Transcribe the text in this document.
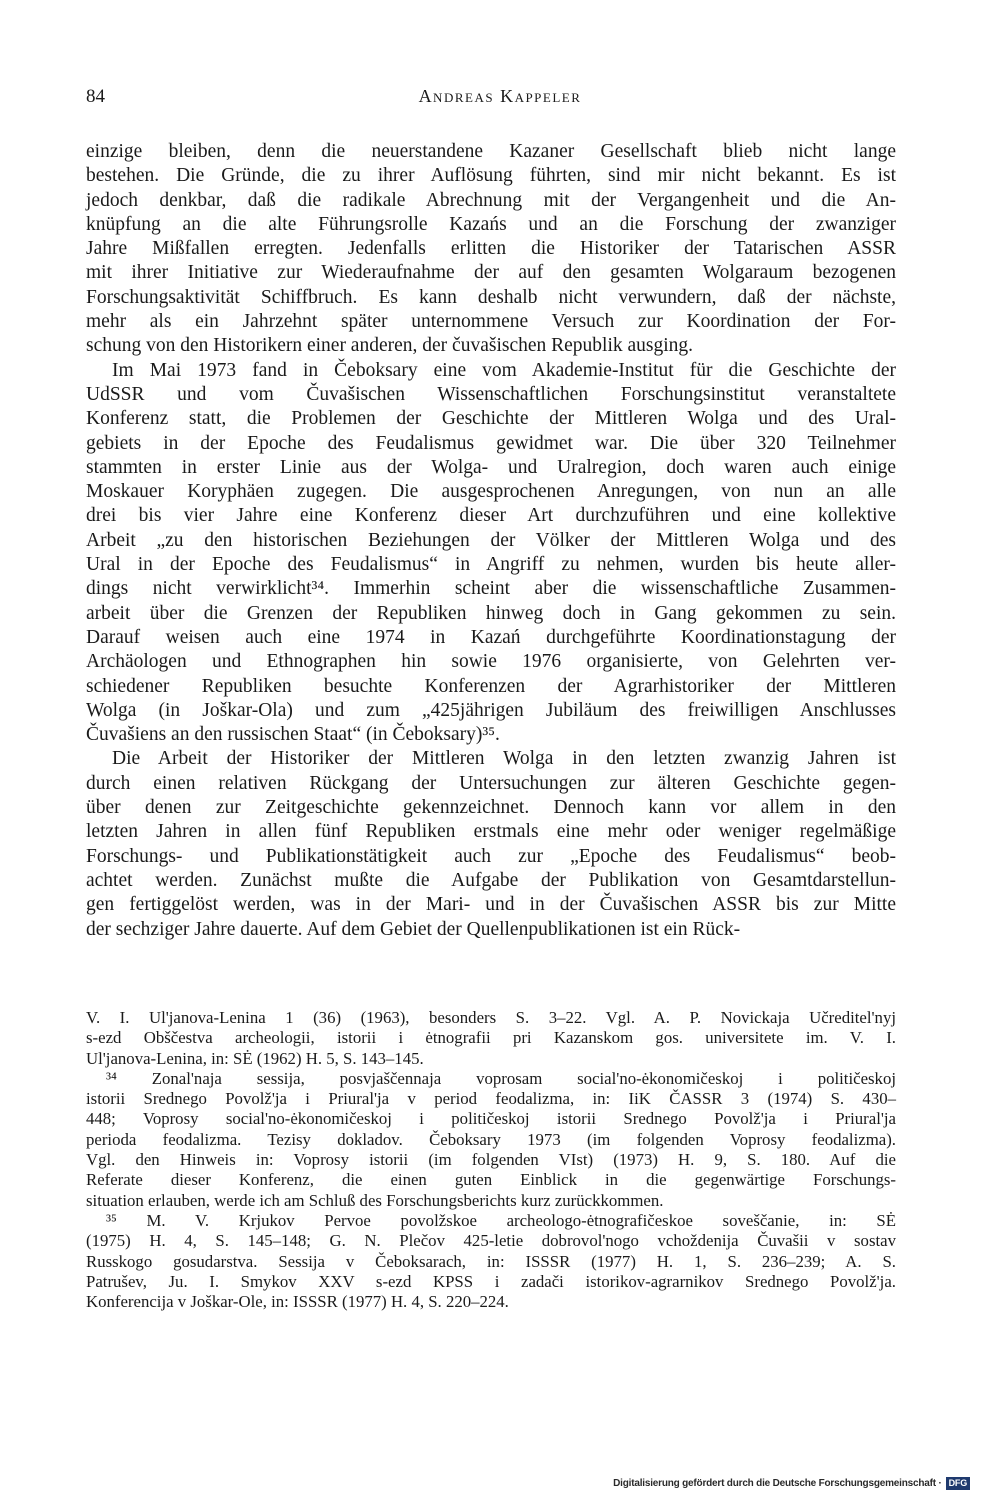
84	Andreas Kappeler
einzige bleiben, denn die neuerstandene Kazaner Gesellschaft blieb nicht lange
bestehen. Die Gründe, die zu ihrer Auflösung führten, sind mir nicht bekannt. Es ist
jedoch denkbar, daß die radikale Abrechnung mit der Vergangenheit und die An-
knüpfung an die alte Führungsrolle Kazańs und an die Forschung der zwanziger
Jahre Mißfallen erregten. Jedenfalls erlitten die Historiker der Tatarischen ASSR
mit ihrer Initiative zur Wiederaufnahme der auf den gesamten Wolgaraum bezogenen
Forschungsaktivität Schiffbruch. Es kann deshalb nicht verwundern, daß der nächste,
mehr als ein Jahrzehnt später unternommene Versuch zur Koordination der For-
schung von den Historikern einer anderen, der čuvašischen Republik ausging.
Im Mai 1973 fand in Čeboksary eine vom Akademie-Institut für die Geschichte der
UdSSR und vom Čuvašischen Wissenschaftlichen Forschungsinstitut veranstaltete
Konferenz statt, die Problemen der Geschichte der Mittleren Wolga und des Ural-
gebiets in der Epoche des Feudalismus gewidmet war. Die über 320 Teilnehmer
stammten in erster Linie aus der Wolga- und Uralregion, doch waren auch einige
Moskauer Koryphäen zugegen. Die ausgesprochenen Anregungen, von nun an alle
drei bis vier Jahre eine Konferenz dieser Art durchzuführen und eine kollektive
Arbeit „zu den historischen Beziehungen der Völker der Mittleren Wolga und des
Ural in der Epoche des Feudalismus“ in Angriff zu nehmen, wurden bis heute aller-
dings nicht verwirklicht³⁴. Immerhin scheint aber die wissenschaftliche Zusammen-
arbeit über die Grenzen der Republiken hinweg doch in Gang gekommen zu sein.
Darauf weisen auch eine 1974 in Kazań durchgeführte Koordinationstagung der
Archäologen und Ethnographen hin sowie 1976 organisierte, von Gelehrten ver-
schiedener Republiken besuchte Konferenzen der Agrarhistoriker der Mittleren
Wolga (in Joškar-Ola) und zum „425jährigen Jubiläum des freiwilligen Anschlusses
Čuvašiens an den russischen Staat“ (in Čeboksary)³⁵.
Die Arbeit der Historiker der Mittleren Wolga in den letzten zwanzig Jahren ist
durch einen relativen Rückgang der Untersuchungen zur älteren Geschichte gegen-
über denen zur Zeitgeschichte gekennzeichnet. Dennoch kann vor allem in den
letzten Jahren in allen fünf Republiken erstmals eine mehr oder weniger regelmäßige
Forschungs- und Publikationstätigkeit auch zur „Epoche des Feudalismus“ beob-
achtet werden. Zunächst mußte die Aufgabe der Publikation von Gesamtdarstellun-
gen fertiggelöst werden, was in der Mari- und in der Čuvašischen ASSR bis zur Mitte
der sechziger Jahre dauerte. Auf dem Gebiet der Quellenpublikationen ist ein Rück-
V. I. Ul'janova-Lenina 1 (36) (1963), besonders S. 3–22. Vgl. A. P. Novickaja Učreditel'nyj
s-ezd Obščestva archeologii, istorii i ėtnografii pri Kazanskom gos. universitete im. V. I.
Ul'janova-Lenina, in: SĖ (1962) H. 5, S. 143–145.
³⁴ Zonal'naja sessija, posvjaščennaja voprosam social'no-ėkonomičeskoj i političeskoj
istorii Srednego Povolž'ja i Priural'ja v period feodalizma, in: IiK ČASSR 3 (1974) S. 430–
448; Voprosy social'no-ėkonomičeskoj i političeskoj istorii Srednego Povolž'ja i Priural'ja
perioda feodalizma. Tezisy dokladov. Čeboksary 1973 (im folgenden Voprosy feodalizma).
Vgl. den Hinweis in: Voprosy istorii (im folgenden VIst) (1973) H. 9, S. 180. Auf die
Referate dieser Konferenz, die einen guten Einblick in die gegenwärtige Forschungs-
situation erlauben, werde ich am Schluß des Forschungsberichts kurz zurückkommen.
³⁵ M. V. Krjukov Pervoe povolžskoe archeologo-ėtnografičeskoe soveščanie, in: SĖ
(1975) H. 4, S. 145–148; G. N. Plečov 425-letie dobrovol'nogo vchoždenija Čuvašii v sostav
Russkogo gosudarstva. Sessija v Čeboksarach, in: ISSSR (1977) H. 1, S. 236–239; A. S.
Patrušev, Ju. I. Smykov XXV s-ezd KPSS i zadači istorikov-agrarnikov Srednego Povolž'ja.
Konferencija v Joškar-Ole, in: ISSSR (1977) H. 4, S. 220–224.
Digitalisierung gefördert durch die Deutsche Forschungsgemeinschaft · DFG
